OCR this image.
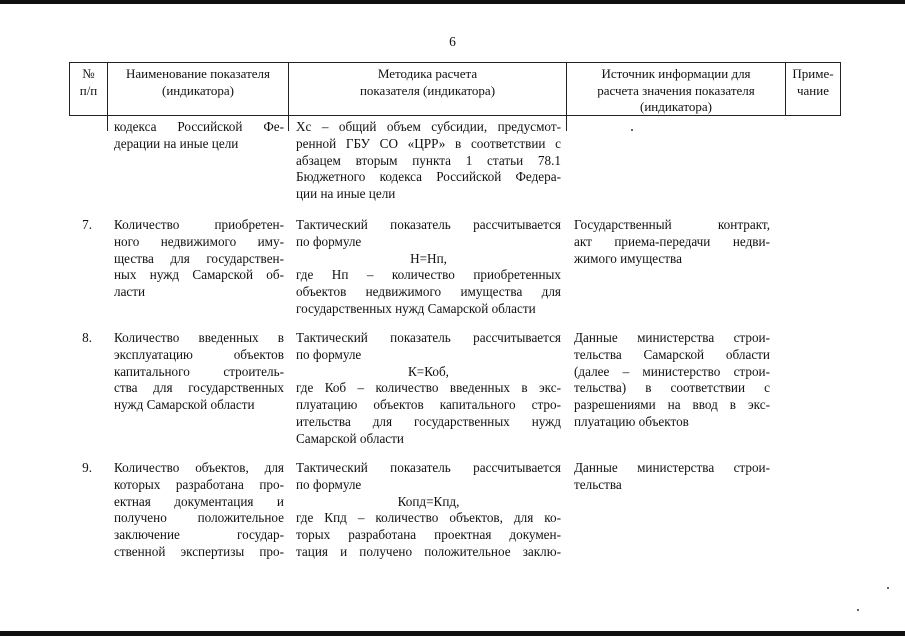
6
№
п/п
Наименование показателя
(индикатора)
Методика расчета
показателя (индикатора)
Источник информации для
расчета значения показателя
(индикатора)
Приме-
чание
кодекса Российской Фе-
дерации на иные цели
Хс – общий объем субсидии, предусмот-
ренной ГБУ СО «ЦРР» в соответствии с
абзацем вторым пункта 1 статьи 78.1
Бюджетного кодекса Российской Федера-
ции на иные цели
7. Количество приобретен-
ного недвижимого иму-
щества для государствен-
ных нужд Самарской об-
ласти
Тактический показатель рассчитывается
по формуле
Н=Нп,
где Нп – количество приобретенных
объектов недвижимого имущества для
государственных нужд Самарской области
Государственный контракт,
акт приема-передачи недви-
жимого имущества
8. Количество введенных в
эксплуатацию объектов
капитального строитель-
ства для государственных
нужд Самарской области
Тактический показатель рассчитывается
по формуле
К=Коб,
где Коб – количество введенных в экс-
плуатацию объектов капитального стро-
ительства для государственных нужд
Самарской области
Данные министерства строи-
тельства Самарской области
(далее – министерство строи-
тельства) в соответствии с
разрешениями на ввод в экс-
плуатацию объектов
9. Количество объектов, для
которых разработана про-
ектная документация и
получено положительное
заключение государ-
ственной экспертизы про-
Тактический показатель рассчитывается
по формуле
Копд=Кпд,
где Кпд – количество объектов, для ко-
торых разработана проектная докумен-
тация и получено положительное заклю-
Данные министерства строи-
тельства
